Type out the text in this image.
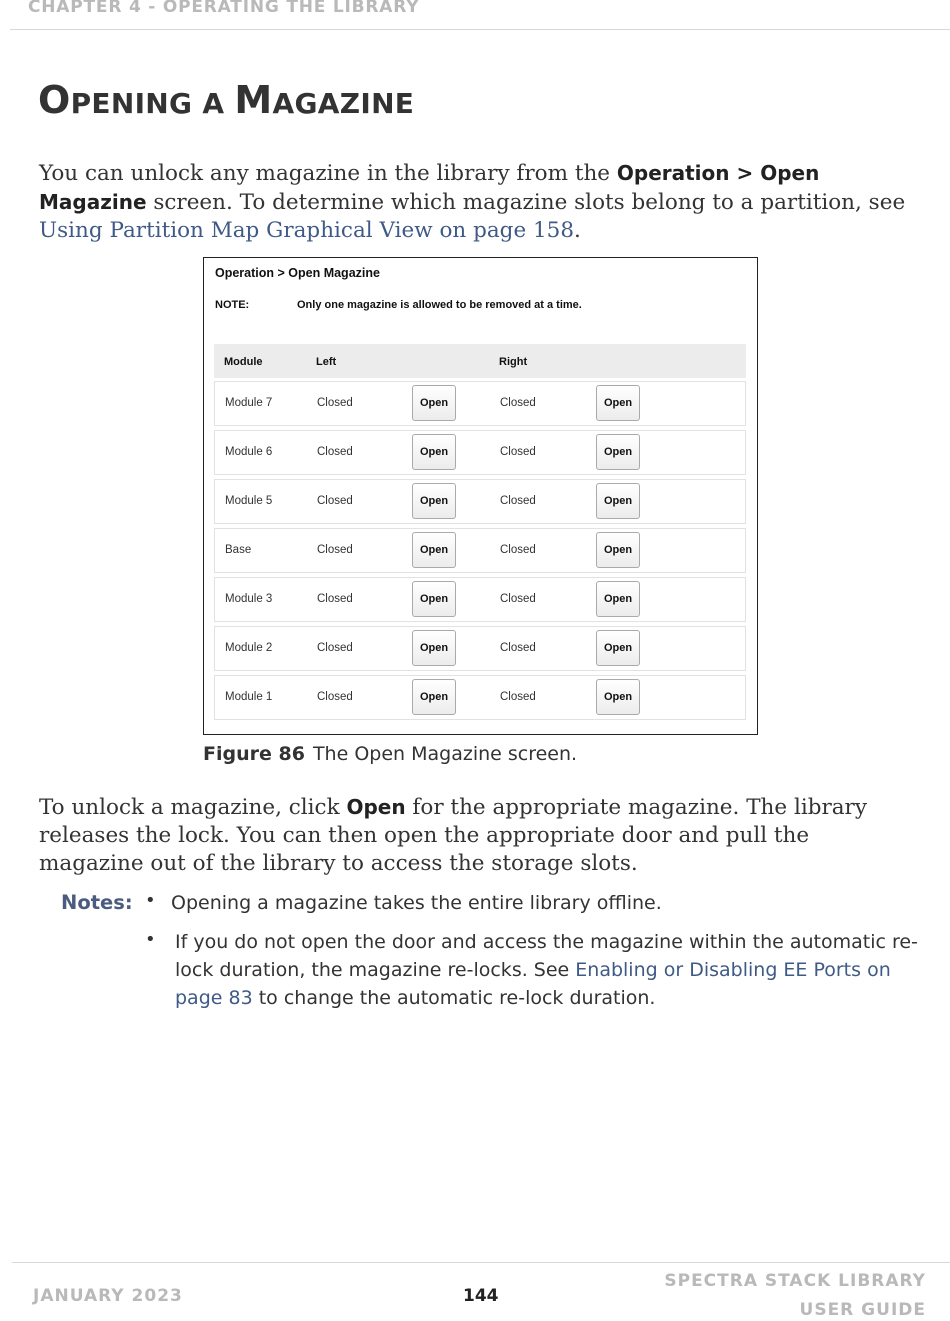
CHAPTER 4 - OPERATING THE LIBRARY
OPENING A MAGAZINE

You can unlock any magazine in the library from the Operation > Open Magazine screen. To determine which magazine slots belong to a partition, see Using Partition Map Graphical View on page 158.

Operation > Open Magazine
NOTE:	Only one magazine is allowed to be removed at a time.
Module	Left	Right
Module 7	Closed	Open	Closed	Open
Module 6	Closed	Open	Closed	Open
Module 5	Closed	Open	Closed	Open
Base	Closed	Open	Closed	Open
Module 3	Closed	Open	Closed	Open
Module 2	Closed	Open	Closed	Open
Module 1	Closed	Open	Closed	Open
Figure 86 The Open Magazine screen.

To unlock a magazine, click Open for the appropriate magazine. The library releases the lock. You can then open the appropriate door and pull the magazine out of the library to access the storage slots.

Notes: • Opening a magazine takes the entire library offline.

• If you do not open the door and access the magazine within the automatic re-lock duration, the magazine re-locks. See Enabling or Disabling EE Ports on page 83 to change the automatic re-lock duration.

JANUARY 2023	144
SPECTRA STACK LIBRARY
USER GUIDE
